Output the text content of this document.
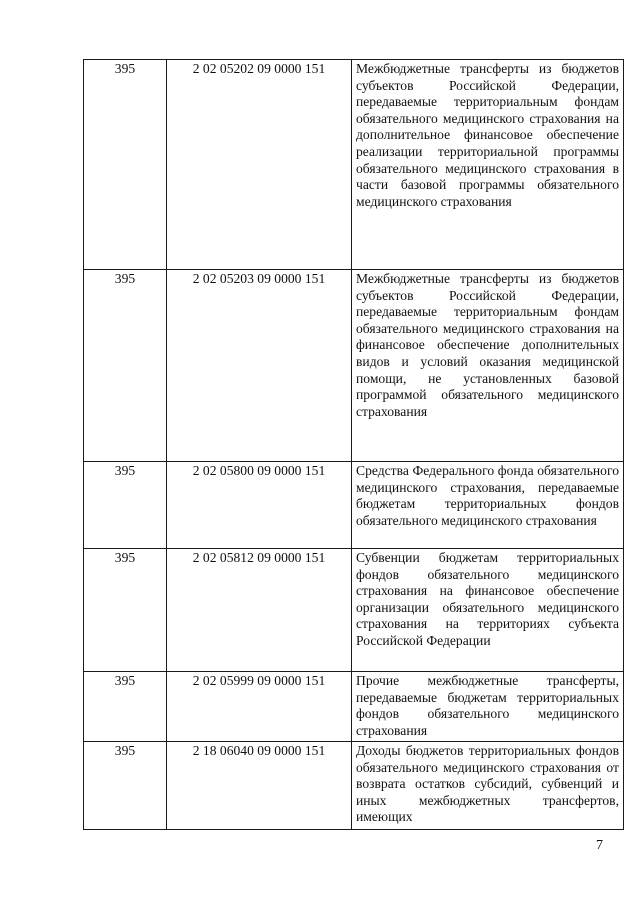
395	2 02 05202 09 0000 151	Межбюджетные трансферты из бюджетов субъектов Российской Федерации, передаваемые территориальным фондам обязательного медицинского страхования на дополнительное финансовое обеспечение реализации территориальной программы обязательного медицинского страхования в части базовой программы обязательного медицинского страхования
395	2 02 05203 09 0000 151	Межбюджетные трансферты из бюджетов субъектов Российской Федерации, передаваемые территориальным фондам обязательного медицинского страхования на финансовое обеспечение дополнительных видов и условий оказания медицинской помощи, не установленных базовой программой обязательного медицинского страхования
395	2 02 05800 09 0000 151	Средства Федерального фонда обязательного медицинского страхования, передаваемые бюджетам территориальных фондов обязательного медицинского страхования
395	2 02 05812 09 0000 151	Субвенции бюджетам территориальных фондов обязательного медицинского страхования на финансовое обеспечение организации обязательного медицинского страхования на территориях субъекта Российской Федерации
395	2 02 05999 09 0000 151	Прочие межбюджетные трансферты, передаваемые бюджетам территориальных фондов обязательного медицинского страхования
395	2 18 06040 09 0000 151	Доходы бюджетов территориальных фондов обязательного медицинского страхования от возврата остатков субсидий, субвенций и иных межбюджетных трансфертов, имеющих
7
